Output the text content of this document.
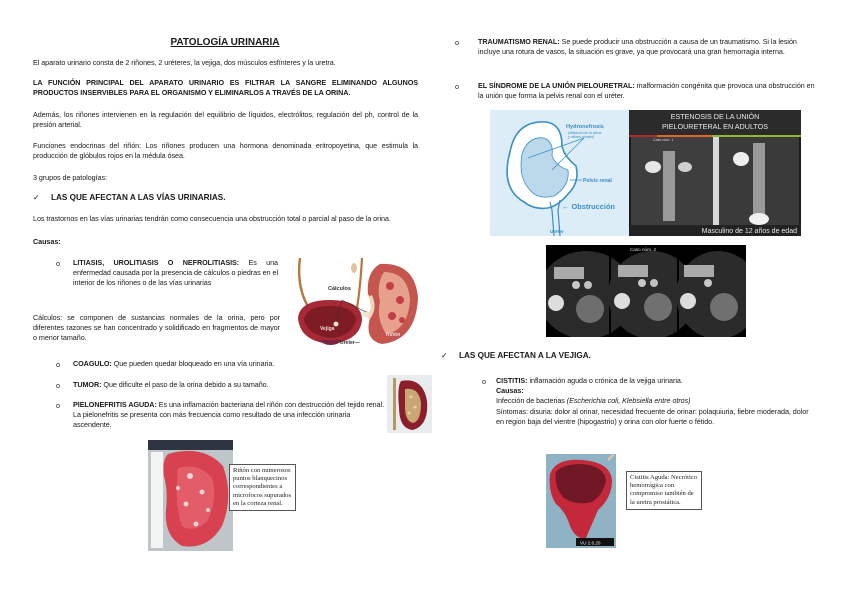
PATOLOGÍA URINARIA
El aparato urinario consta de 2 riñones, 2 uréteres, la vejiga, dos músculos esfínteres y la uretra.
LA FUNCIÓN PRINCIPAL DEL APARATO URINARIO ES FILTRAR LA SANGRE ELIMINANDO ALGUNOS PRODUCTOS INSERVIBLES PARA EL ORGANISMO Y ELIMINARLOS A TRAVÉS DE LA ORINA.
Además, los riñones intervienen en la regulación del equilibrio de líquidos, electrólitos, regulación del ph, control de la presión arterial.
Funciones endocrinas del riñón: Los riñones producen una hormona denominada eritropoyetina, que estimula la producción de glóbulos rojos en la médula ósea.
3 grupos de patologías:
✓ LAS QUE AFECTAN A LAS VÍAS URINARIAS.
Los trastornos en las vías urinarias tendrán como consecuencia una obstrucción total o parcial al paso de la orina.
Causas:
o LITIASIS, UROLITIASIS O NEFROLITIASIS: Es una enfermedad causada por la presencia de cálculos o piedras en el interior de los riñones o de las vías urinarias
Cálculos
Vejiga
Riñón
Ureter—
Cálculos: se componen de sustancias normales de la orina, pero por diferentes razones se han concentrado y solidificado en fragmentos de mayor o menor tamaño.
o COAGULO: Que pueden quedar bloqueado en una vía urinaria.
o TUMOR: Que dificulte el paso de la orina debido a su tamaño.
o PIELONEFRITIS AGUDA: Es una inflamación bacteriana del riñón con destrucción del tejido renal. La pielonefritis se presenta con más frecuencia como resultado de una infección urinaria ascendente.
Riñón con numerosos puntos blanquecinos correspondientes a microfocos supurados en la corteza renal.
o	TRAUMATISMO RENAL: Se puede producir una obstrucción a causa de un traumatismo. Si la lesión incluye una rotura de vasos, la situación es grave, ya que provocará una gran hemorragia interna.
o	EL SÍNDROME DE LA UNIÓN PIELOURETRAL: malformación congénita que provoca una obstrucción en la unión que forma la pelvis renal con el uréter.
Hydronefrosis
(dilatación de la pelvis
y cálices renales)
Pelvis renal
← Obstrucción
Uréter
ESTENOSIS DE LA UNIÓN
PIELOURETERAL EN ADULTOS
Caso núm. 1
Masculino de 12 años de edad
Caso núm. 2
✓ LAS QUE AFECTAN A LA VEJIGA.
o CISTITIS: inflamación aguda o crónica de la vejiga urinaria.
Causas:
Infección de bacterias (Escherichia coli, Klebsiella entre otros)
Síntomas: disuria: dolor al orinar, necesidad frecuente de orinar: polaquiuria, fiebre moderada, dolor en region baja del vientre (hipogastrio) y orina con olor fuerte o fétido.
VU 2.6.20
Cistitis Aguda: Necrótico hemorrágica con compromiso también de la uretra prostática.
